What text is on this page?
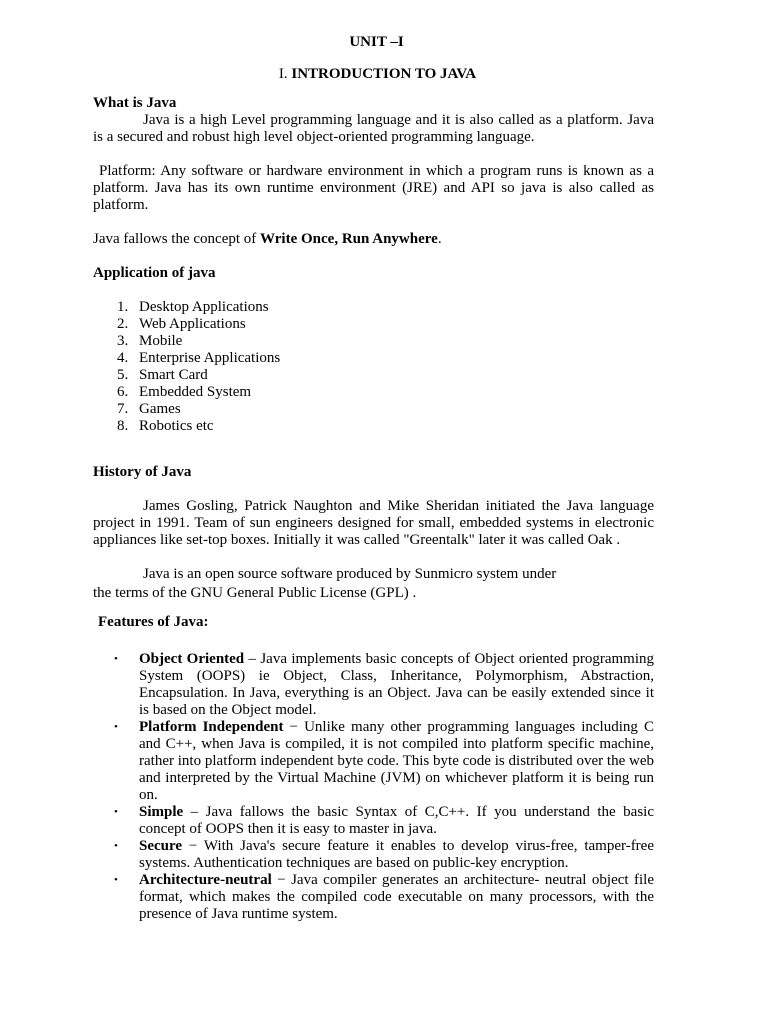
UNIT –I

I. INTRODUCTION TO JAVA

What is Java

Java is a high Level programming language and it is also called as a platform. Java is a secured and robust high level object-oriented programming language.

Platform: Any software or hardware environment in which a program runs is known as a platform. Java has its own runtime environment (JRE) and API so java is also called as platform.

Java fallows the concept of Write Once, Run Anywhere.

Application of java

1. Desktop Applications
2. Web Applications
3. Mobile
4. Enterprise Applications
5. Smart Card
6. Embedded System
7. Games
8. Robotics etc

History of Java

James Gosling, Patrick Naughton and Mike Sheridan initiated the Java language project in 1991. Team of sun engineers designed for small, embedded systems in electronic appliances like set-top boxes. Initially it was called "Greentalk" later it was called Oak .

Java is an open source software produced by Sunmicro system under

the terms of the GNU General Public License (GPL) .

Features of Java:

• Object Oriented – Java implements basic concepts of Object oriented programming System (OOPS) ie Object, Class, Inheritance, Polymorphism, Abstraction, Encapsulation. In Java, everything is an Object. Java can be easily extended since it is based on the Object model.
• Platform Independent − Unlike many other programming languages including C and C++, when Java is compiled, it is not compiled into platform specific machine, rather into platform independent byte code. This byte code is distributed over the web and interpreted by the Virtual Machine (JVM) on whichever platform it is being run on.
• Simple – Java fallows the basic Syntax of C,C++. If you understand the basic concept of OOPS then it is easy to master in java.
• Secure − With Java's secure feature it enables to develop virus-free, tamper-free systems. Authentication techniques are based on public-key encryption.
• Architecture-neutral − Java compiler generates an architecture- neutral object file format, which makes the compiled code executable on many processors, with the presence of Java runtime system.
